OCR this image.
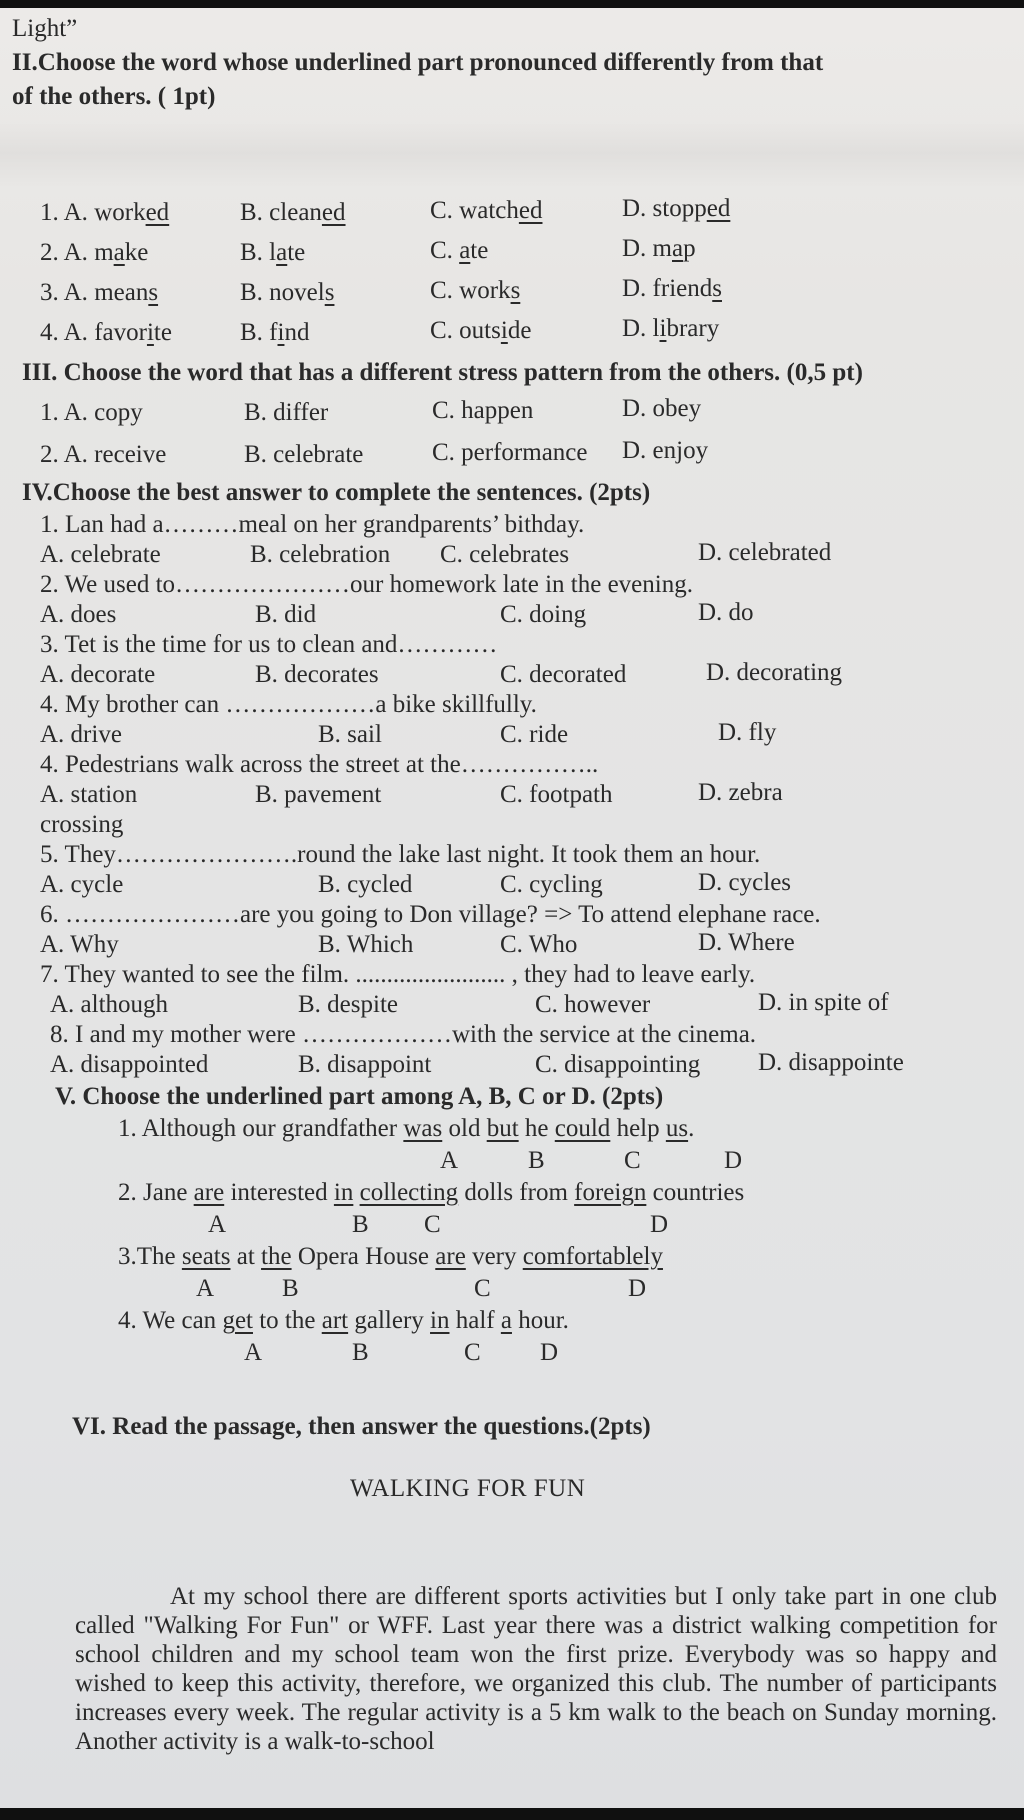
Light”
II.Choose the word whose underlined part pronounced differently from that
of the others. ( 1pt)
1. A. worked	B. cleaned	C. watched	D. stopped
2. A. make	B. late	C. ate	D. map
3. A. means	B. novels	C. works	D. friends
4. A. favorite	B. find	C. outside	D. library
III. Choose the word that has a different stress pattern from the others. (0,5 pt)
1. A. copy	B. differ	C. happen	D. obey
2. A. receive	B. celebrate	C. performance D. enjoy
IV.Choose the best answer to complete the sentences. (2pts)
1. Lan had a………meal on her grandparents’ bithday.
A. celebrate	B. celebration C. celebrates	D. celebrated
2. We used to…………………our homework late in the evening.
A. does	B. did	C. doing	D. do
3. Tet is the time for us to clean and…………
A. decorate	B. decorates	C. decorated	D. decorating
4. My brother can ………………a bike skillfully.
A. drive	B. sail	C. ride	D. fly
4. Pedestrians walk across the street at the……………..
A. station	B. pavement	C. footpath	D. zebra
crossing
5. They………………….round the lake last night. It took them an hour.
A. cycle	B. cycled	C. cycling	D. cycles
6. …………………are you going to Don village? => To attend elephane race.
A. Why	B. Which	C. Who	D. Where
7. They wanted to see the film. ........................ , they had to leave early.
A. although	B. despite	C. however	D. in spite of
8. I and my mother were ………………with the service at the cinema.
A. disappointed	B. disappoint	C. disappointing D. disappointe
V. Choose the underlined part among A, B, C or D. (2pts)
1. Although our grandfather was old but he could help us.
A	B	C	D
2. Jane are interested in collecting dolls from foreign countries
A	B C	D
3.The seats at the Opera House are very comfortablely
A	B	C	D
4. We can get to the art gallery in half a hour.
A	B	C D
VI. Read the passage, then answer the questions.(2pts)
WALKING FOR FUN

At my school there are different sports activities but I only take part in one club called "Walking For Fun" or WFF. Last year there was a district walking competition for school children and my school team won the first prize. Everybody was so happy and wished to keep this activity, therefore, we organized this club. The number of participants increases every week. The regular activity is a 5 km walk to the beach on Sunday morning. Another activity is a walk-to-school
